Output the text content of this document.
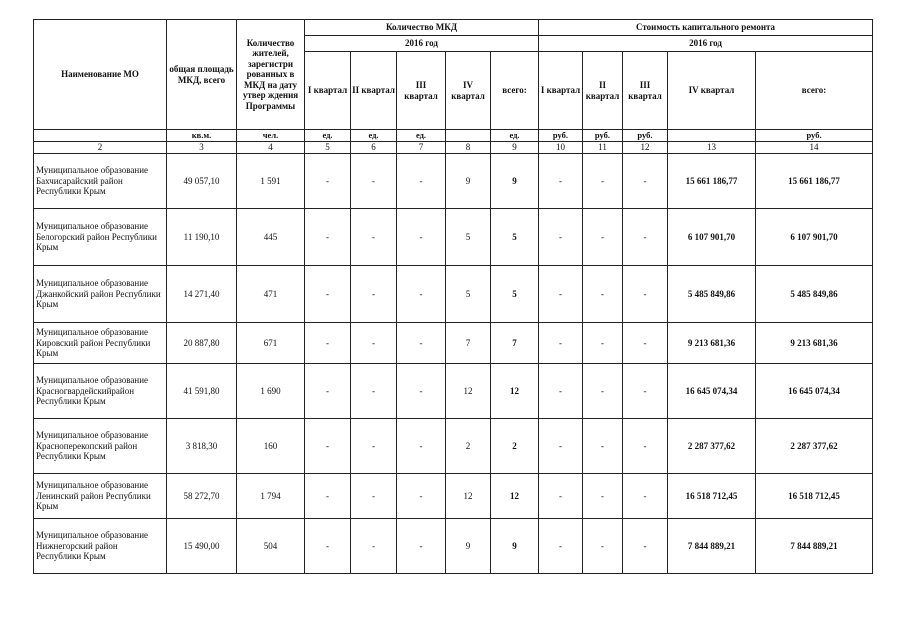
Наименование МО	общая площадь МКД, всего	Количество жителей, зарегистри рованных в МКД на дату утвер ждения Программы	Количество МКД					Стоимость капитального ремонта				
			2016 год					2016 год				
			I квартал	II квартал	III квартал	IV квартал	всего:	I квартал	II квартал	III квартал	IV квартал	всего:
	кв.м.	чел.	ед.	ед.	ед.		ед.	руб.	руб.	руб.		руб.
2	3	4	5	6	7	8	9	10	11	12	13	14
Муниципальное образование Бахчисарайский район Республики Крым	49 057,10	1 591	-	-	-	9	9	-	-	-	15 661 186,77	15 661 186,77
Муниципальное образование Белогорский район Республики Крым	11 190,10	445	-	-	-	5	5	-	-	-	6 107 901,70	6 107 901,70
Муниципальное образование Джанкойский район Республики Крым	14 271,40	471	-	-	-	5	5	-	-	-	5 485 849,86	5 485 849,86
Муниципальное образование Кировский район Республики Крым	20 887,80	671	-	-	-	7	7	-	-	-	9 213 681,36	9 213 681,36
Муниципальное образование Красногвардейскийрайон Республики Крым	41 591,80	1 690	-	-	-	12	12	-	-	-	16 645 074,34	16 645 074,34
Муниципальное образование Красноперекопский район Республики Крым	3 818,30	160	-	-	-	2	2	-	-	-	2 287 377,62	2 287 377,62
Муниципальное образование Ленинский район Республики Крым	58 272,70	1 794	-	-	-	12	12	-	-	-	16 518 712,45	16 518 712,45
Муниципальное образование Нижнегорский район Республики Крым	15 490,00	504	-	-	-	9	9	-	-	-	7 844 889,21	7 844 889,21
